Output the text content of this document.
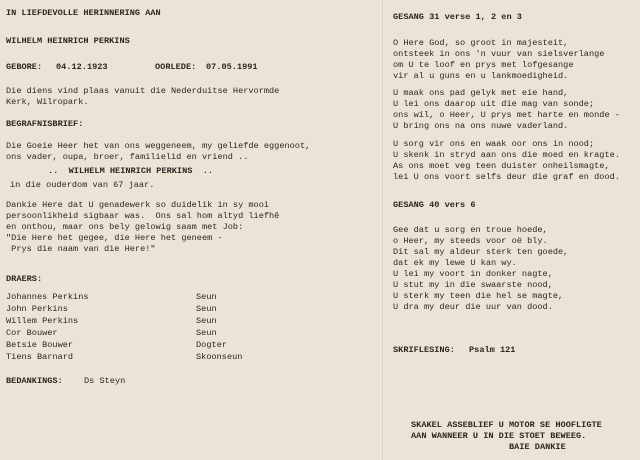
IN LIEFDEVOLLE HERINNERING AAN
WILHELM HEINRICH PERKINS
GEBORE: 04.12.1923	OORLEDE: 07.05.1991
Die diens vind plaas vanuit die Nederduitse Hervormde
Kerk, Wilropark.
BEGRAFNISBRIEF:
Die Goeie Heer het van ons weggeneem, my geliefde eggenoot,
ons vader, oupa, broer, familielid en vriend ..
..  WILHELM HEINRICH PERKINS  ..
in die ouderdom van 67 jaar.
Dankie Here dat U genadewerk so duidelik in sy mooi
persoonlikheid sigbaar was.  Ons sal hom altyd liefhê
en onthou, maar ons bely gelowig saam met Job:
"Die Here het gegee, die Here het geneem -
Prys die naam van die Here!"
DRAERS:
Johannes Perkins	Seun
John Perkins	Seun
Willem Perkins	Seun
Cor Bouwer	Seun
Betsie Bouwer	Dogter
Tiens Barnard	Skoonseun
BEDANKINGS: Ds Steyn
GESANG 31 verse 1, 2 en 3
O Here God, so groot in majesteit,
ontsteek in ons 'n vuur van sielsverlange
om U te loof en prys met lofgesange
vir al u guns en u lankmoedigheid.
U maak ons pad gelyk met eie hand,
U lei ons daarop uit die mag van sonde;
ons wil, o Heer, U prys met harte en monde -
U bring ons na ons nuwe vaderland.
U sorg vir ons en waak oor ons in nood;
U skenk in stryd aan ons die moed en kragte.
As ons moet veg teen duister onheilsmagte,
lei U ons voort selfs deur die graf en dood.
GESANG 40 vers 6
Gee dat u sorg en troue hoede,
o Heer, my steeds voor oë bly.
Dit sal my aldeur sterk ten goede,
dat ek my lewe U kan wy.
U lei my voort in donker nagte,
U stut my in die swaarste nood,
U sterk my teen die hel se magte,
U dra my deur die uur van dood.
SKRIFLESING: Psalm 121
SKAKEL ASSEBLIEF U MOTOR SE HOOFLIGTE
AAN WANNEER U IN DIE STOET BEWEEG.
BAIE DANKIE
